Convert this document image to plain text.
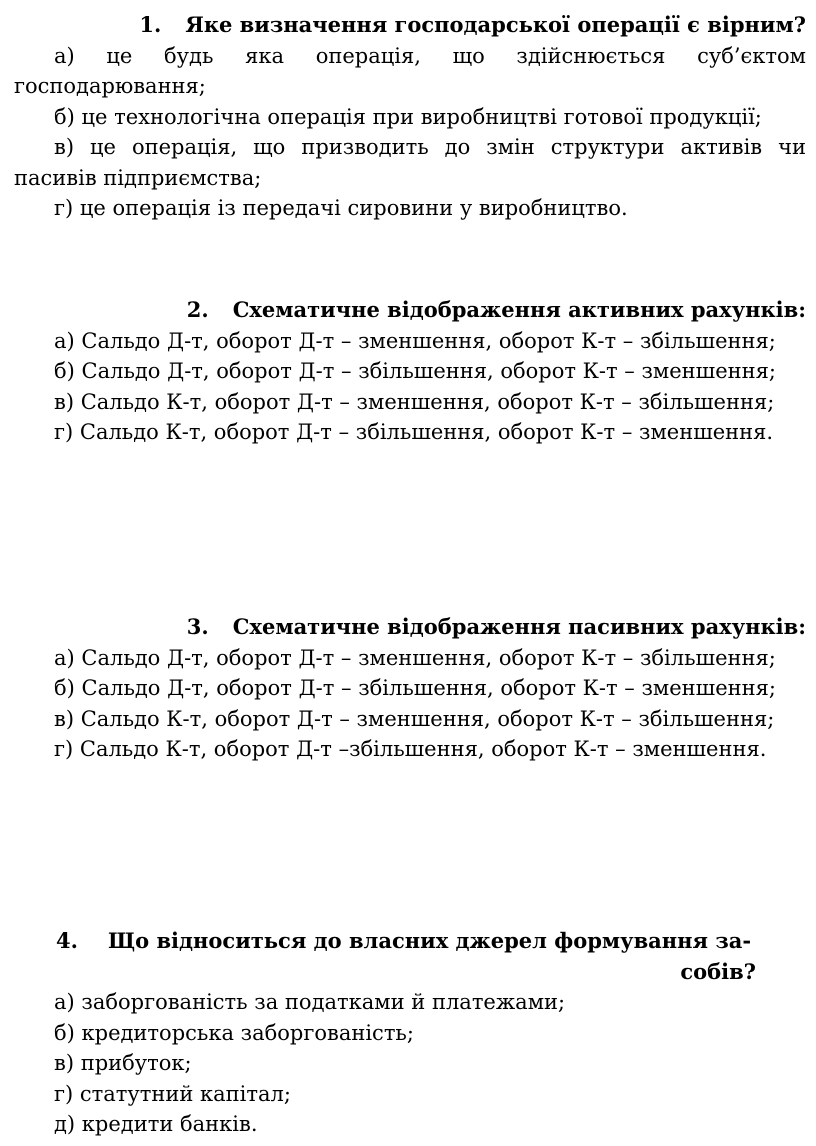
1. Яке визначення господарської операції є вірним?
а) це будь яка операція, що здійснюється суб’єктом господарювання;
б) це технологічна операція при виробництві готової продукції;
в) це операція, що призводить до змін структури активів чи пасивів підприємства;
г) це операція із передачі сировини у виробництво.
2. Схематичне відображення активних рахунків:
а) Сальдо Д-т, оборот Д-т – зменшення, оборот К-т – збільшення;
б) Сальдо Д-т, оборот Д-т – збільшення, оборот К-т – зменшення;
в) Сальдо К-т, оборот Д-т – зменшення, оборот К-т – збільшення;
г) Сальдо К-т, оборот Д-т – збільшення, оборот К-т – зменшення.
3. Схематичне відображення пасивних рахунків:
а) Сальдо Д-т, оборот Д-т – зменшення, оборот К-т – збільшення;
б) Сальдо Д-т, оборот Д-т – збільшення, оборот К-т – зменшення;
в) Сальдо К-т, оборот Д-т – зменшення, оборот К-т – збільшення;
г) Сальдо К-т, оборот Д-т –збільшення, оборот К-т – зменшення.
4. Що відноситься до власних джерел формування за-
собів?
а) заборгованість за податками й платежами;
б) кредиторська заборгованість;
в) прибуток;
г) статутний капітал;
д) кредити банків.
